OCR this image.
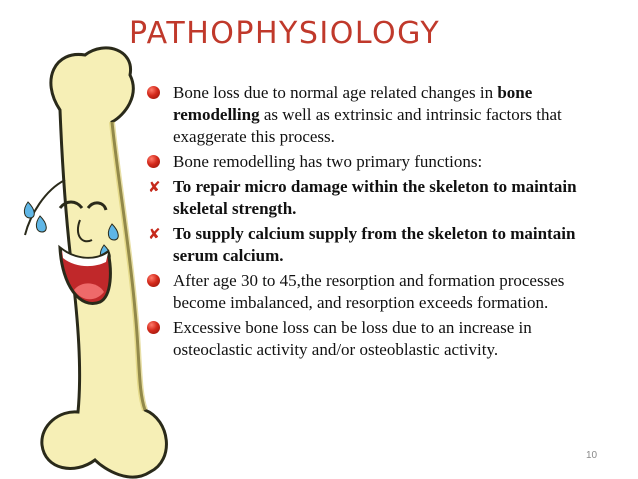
PATHOPHYSIOLOGY
Bone loss due to normal age related changes in bone remodelling as well as extrinsic and intrinsic factors that exaggerate this process.
Bone remodelling has two primary functions:
✘ To repair micro damage within the skeleton to maintain skeletal strength.
✘ To supply calcium supply from the skeleton to maintain serum calcium.
After age 30 to 45,the resorption and formation processes become imbalanced, and resorption exceeds formation.
Excessive bone loss can be loss due to an increase in osteoclastic activity and/or osteoblastic activity.
10
